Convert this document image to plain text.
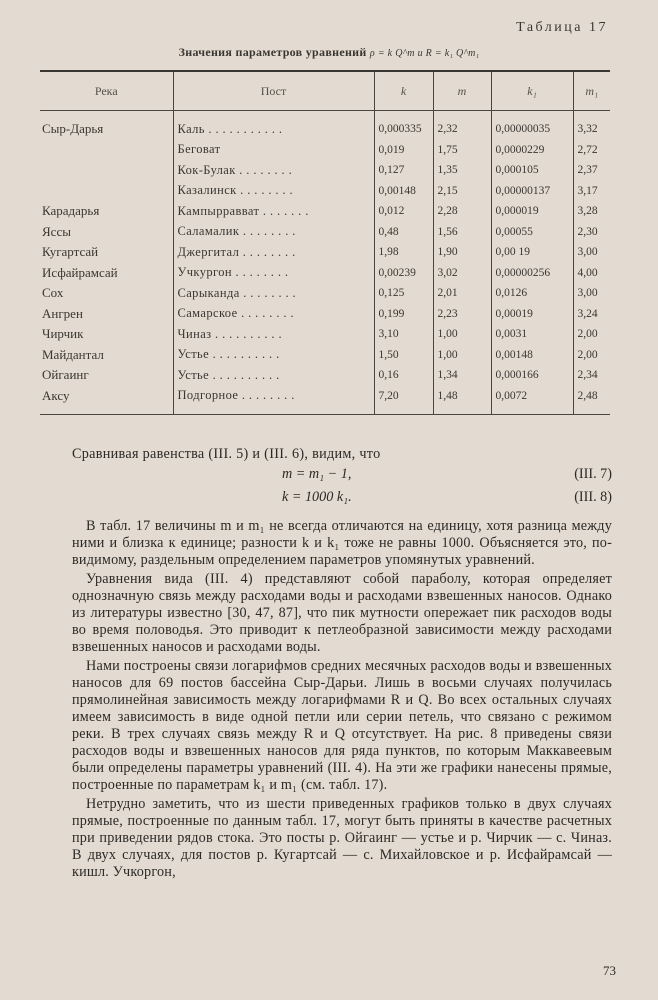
Таблица 17
Значения параметров уравнений ρ = k Q^m и R = k₁ Q^m₁
Река	Пост	k	m	k₁	m₁
Сыр-Дарья	Каль . . . . . . . . . . .	0,000335	2,32	0,00000035	3,32
	Беговат	0,019	1,75	0,0000229	2,72
	Кок-Булак . . . . . . . .	0,127	1,35	0,000105	2,37
	Казалинск . . . . . . . .	0,00148	2,15	0,00000137	3,17
Карадарья	Кампырравват . . . . . . .	0,012	2,28	0,000019	3,28
Яссы	Саламалик . . . . . . . .	0,48	1,56	0,00055	2,30
Кугартсай	Джергитал . . . . . . . .	1,98	1,90	0,00 19	3,00
Исфайрамсай	Учкургон . . . . . . . .	0,00239	3,02	0,00000256	4,00
Сох	Сарыканда . . . . . . . .	0,125	2,01	0,0126	3,00
Ангрен	Самарское . . . . . . . .	0,199	2,23	0,00019	3,24
Чирчик	Чиназ . . . . . . . . . .	3,10	1,00	0,0031	2,00
Майдантал	Устье . . . . . . . . . .	1,50	1,00	0,00148	2,00
Ойгаинг	Устье . . . . . . . . . .	0,16	1,34	0,000166	2,34
Аксу	Подгорное . . . . . . . .	7,20	1,48	0,0072	2,48
Сравнивая равенства (III. 5) и (III. 6), видим, что
m = m₁ − 1,	(III. 7)
k = 1000 k₁.	(III. 8)

В табл. 17 величины m и m₁ не всегда отличаются на единицу, хотя разница между ними и близка к единице; разности k и k₁ тоже не равны 1000. Объясняется это, по-видимому, раздельным определением параметров упомянутых уравнений.

Уравнения вида (III. 4) представляют собой параболу, которая определяет однозначную связь между расходами воды и расходами взвешенных наносов. Однако из литературы известно [30, 47, 87], что пик мутности опережает пик расходов воды во время половодья. Это приводит к петлеобразной зависимости между расходами взвешенных наносов и расходами воды.

Нами построены связи логарифмов средних месячных расходов воды и взвешенных наносов для 69 постов бассейна Сыр-Дарьи. Лишь в восьми случаях получилась прямолинейная зависимость между логарифмами R и Q. Во всех остальных случаях имеем зависимость в виде одной петли или серии петель, что связано с режимом реки. В трех случаях связь между R и Q отсутствует. На рис. 8 приведены связи расходов воды и взвешенных наносов для ряда пунктов, по которым Маккавеевым были определены параметры уравнений (III. 4). На эти же графики нанесены прямые, построенные по параметрам k₁ и m₁ (см. табл. 17).

Нетрудно заметить, что из шести приведенных графиков только в двух случаях прямые, построенные по данным табл. 17, могут быть приняты в качестве расчетных при приведении рядов стока. Это посты р. Ойгаинг — устье и р. Чирчик — с. Чиназ. В двух случаях, для постов р. Кугартсай — с. Михайловское и р. Исфайрамсай — кишл. Учкоргон,

73
